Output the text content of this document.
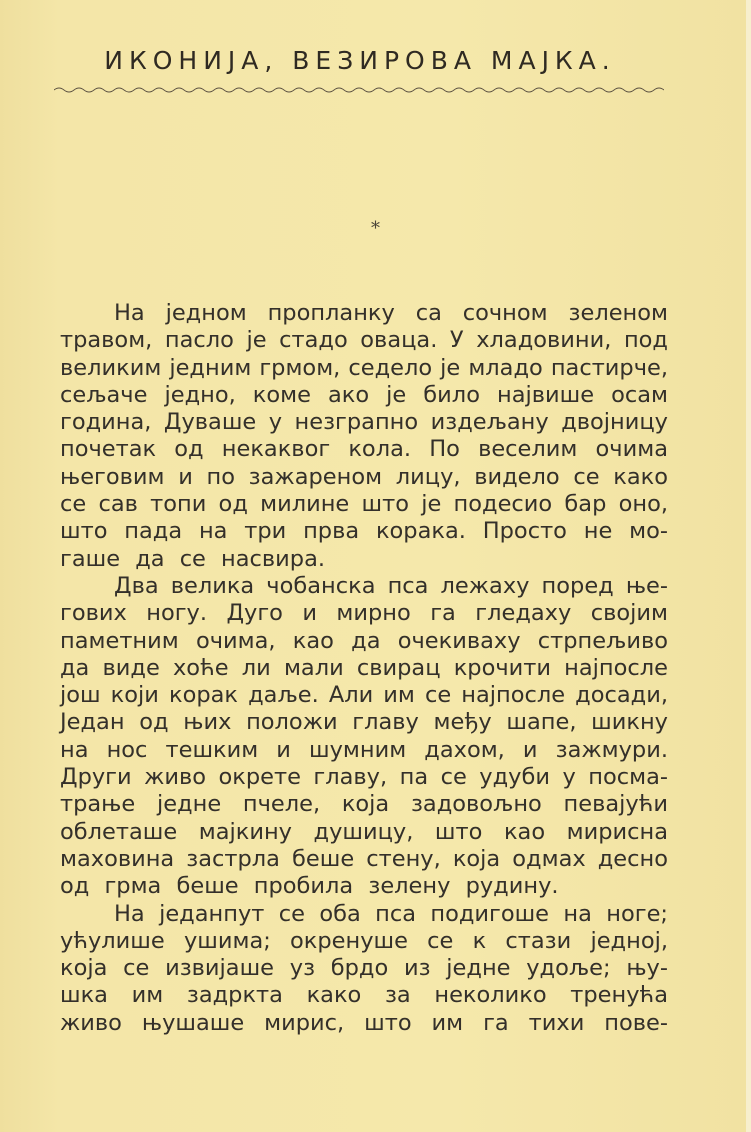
ИКОНИЈА, ВЕЗИРОВА МАЈКА.
*
На једном пропланку са сочном зеленом
травом, пасло је стадо оваца. У хладовини, под
великим једним грмом, седело је младо пастирче,
сељаче једно, коме ако је било највише осам
година, Дуваше у незграпно издељану двојницу
почетак од некаквог кола. По веселим очима
његовим и по зажареном лицу, видело се како
се сав топи од милине што је подесио бар оно,
што пада на три прва корака. Просто не мо-
гаше да се насвира.
Два велика чобанска пса лежаху поред ње-
гових ногу. Дуго и мирно га гледаху својим
паметним очима, као да очекиваху стрпељиво
да виде хоће ли мали свирац крочити најпосле
још који корак даље. Али им се најпосле досади,
Један од њих положи главу међу шапе, шикну
на нос тешким и шумним дахом, и зажмури.
Други живо окрете главу, па се удуби у посма-
трање једне пчеле, која задовољно певајући
облеташе мајкину душицу, што као мирисна
маховина застрла беше стену, која одмах десно
од грма беше пробила зелену рудину.
На једанпут се оба пса подигоше на ноге;
ућулише ушима; окренуше се к стази једној,
која се извијаше уз брдо из једне удоље; њу-
шка им задркта како за неколико тренућа
живо њушаше мирис, што им га тихи пове-
